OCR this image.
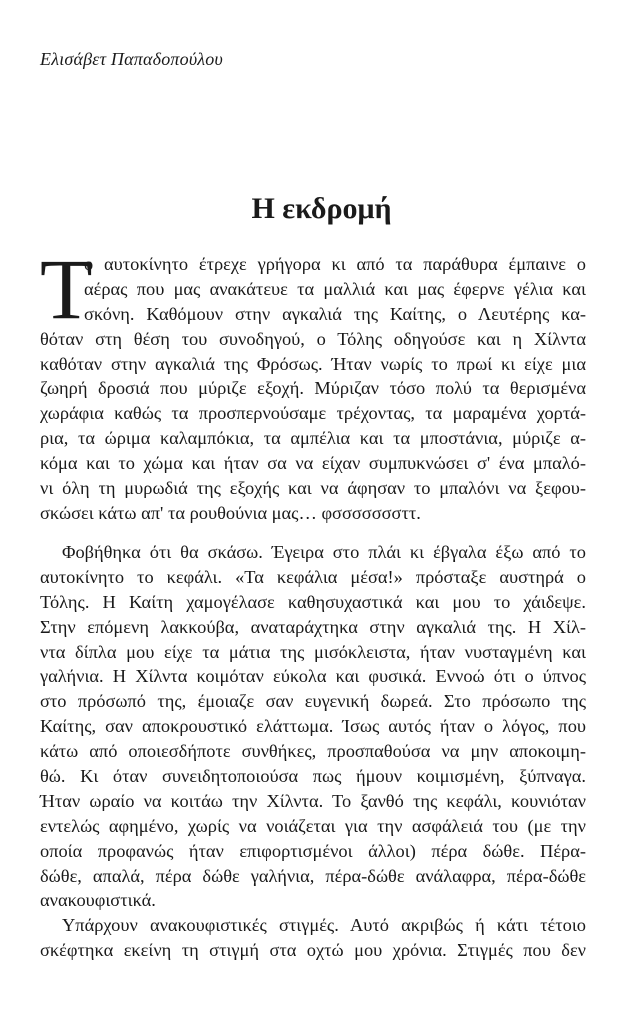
Ελισάβετ Παπαδοπούλου
Η εκδρομή
Τ
ο αυτοκίνητο έτρεχε γρήγορα κι από τα παράθυρα έμπαινε ο
αέρας που μας ανακάτευε τα μαλλιά και μας έφερνε γέλια και
σκόνη. Καθόμουν στην αγκαλιά της Καίτης, ο Λευτέρης κα-
θόταν στη θέση του συνοδηγού, ο Τόλης οδηγούσε και η Χίλντα
καθόταν στην αγκαλιά της Φρόσως. Ήταν νωρίς το πρωί κι είχε μια
ζωηρή δροσιά που μύριζε εξοχή. Μύριζαν τόσο πολύ τα θερισμένα
χωράφια καθώς τα προσπερνούσαμε τρέχοντας, τα μαραμένα χορτά-
ρια, τα ώριμα καλαμπόκια, τα αμπέλια και τα μποστάνια, μύριζε α-
κόμα και το χώμα και ήταν σα να είχαν συμπυκνώσει σ' ένα μπαλό-
νι όλη τη μυρωδιά της εξοχής και να άφησαν το μπαλόνι να ξεφου-
σκώσει κάτω απ' τα ρουθούνια μας… φσσσσσσσττ.
Φοβήθηκα ότι θα σκάσω. Έγειρα στο πλάι κι έβγαλα έξω από το
αυτοκίνητο το κεφάλι. «Τα κεφάλια μέσα!» πρόσταξε αυστηρά ο
Τόλης. Η Καίτη χαμογέλασε καθησυχαστικά και μου το χάιδεψε.
Στην επόμενη λακκούβα, αναταράχτηκα στην αγκαλιά της. Η Χίλ-
ντα δίπλα μου είχε τα μάτια της μισόκλειστα, ήταν νυσταγμένη και
γαλήνια. Η Χίλντα κοιμόταν εύκολα και φυσικά. Εννοώ ότι ο ύπνος
στο πρόσωπό της, έμοιαζε σαν ευγενική δωρεά. Στο πρόσωπο της
Καίτης, σαν αποκρουστικό ελάττωμα. Ίσως αυτός ήταν ο λόγος, που
κάτω από οποιεσδήποτε συνθήκες, προσπαθούσα να μην αποκοιμη-
θώ. Κι όταν συνειδητοποιούσα πως ήμουν κοιμισμένη, ξύπναγα.
Ήταν ωραίο να κοιτάω την Χίλντα. Το ξανθό της κεφάλι, κουνιόταν
εντελώς αφημένο, χωρίς να νοιάζεται για την ασφάλειά του (με την
οποία προφανώς ήταν επιφορτισμένοι άλλοι) πέρα δώθε. Πέρα-
δώθε, απαλά, πέρα δώθε γαλήνια, πέρα-δώθε ανάλαφρα, πέρα-δώθε
ανακουφιστικά.
Υπάρχουν ανακουφιστικές στιγμές. Αυτό ακριβώς ή κάτι τέτοιο
σκέφτηκα εκείνη τη στιγμή στα οχτώ μου χρόνια. Στιγμές που δεν
